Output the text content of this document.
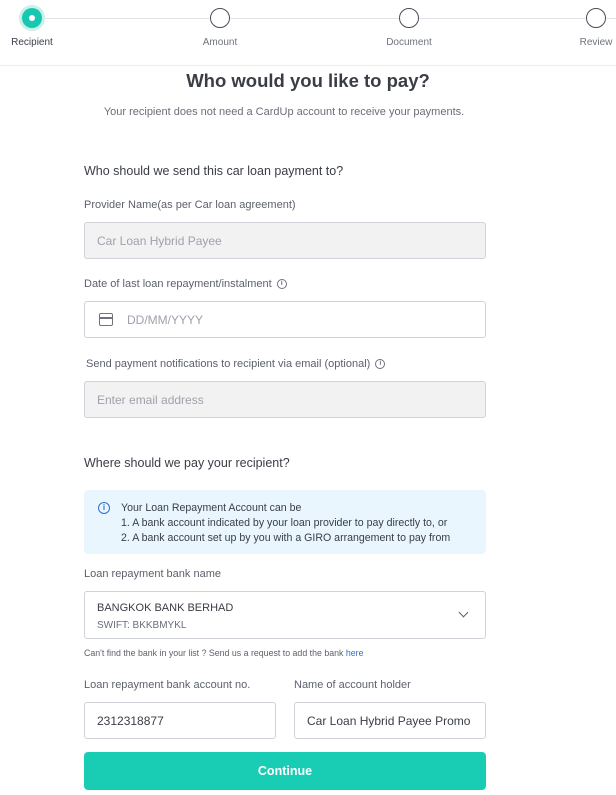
Recipient	Amount	Document	Review
Who would you like to pay?
Your recipient does not need a CardUp account to receive your payments.
Who should we send this car loan payment to?
Provider Name(as per Car loan agreement)
Car Loan Hybrid Payee
Date of last loan repayment/instalment	i
DD/MM/YYYY
Send payment notifications to recipient via email (optional)	i
Enter email address
Where should we pay your recipient?
i	Your Loan Repayment Account can be
1. A bank account indicated by your loan provider to pay directly to, or
2. A bank account set up by you with a GIRO arrangement to pay from
Loan repayment bank name
BANGKOK BANK BERHAD
SWIFT: BKKBMYKL
Can't find the bank in your list ? Send us a request to add the bank here
Loan repayment bank account no.
2312318877
Name of account holder
Car Loan Hybrid Payee Promo
Continue
